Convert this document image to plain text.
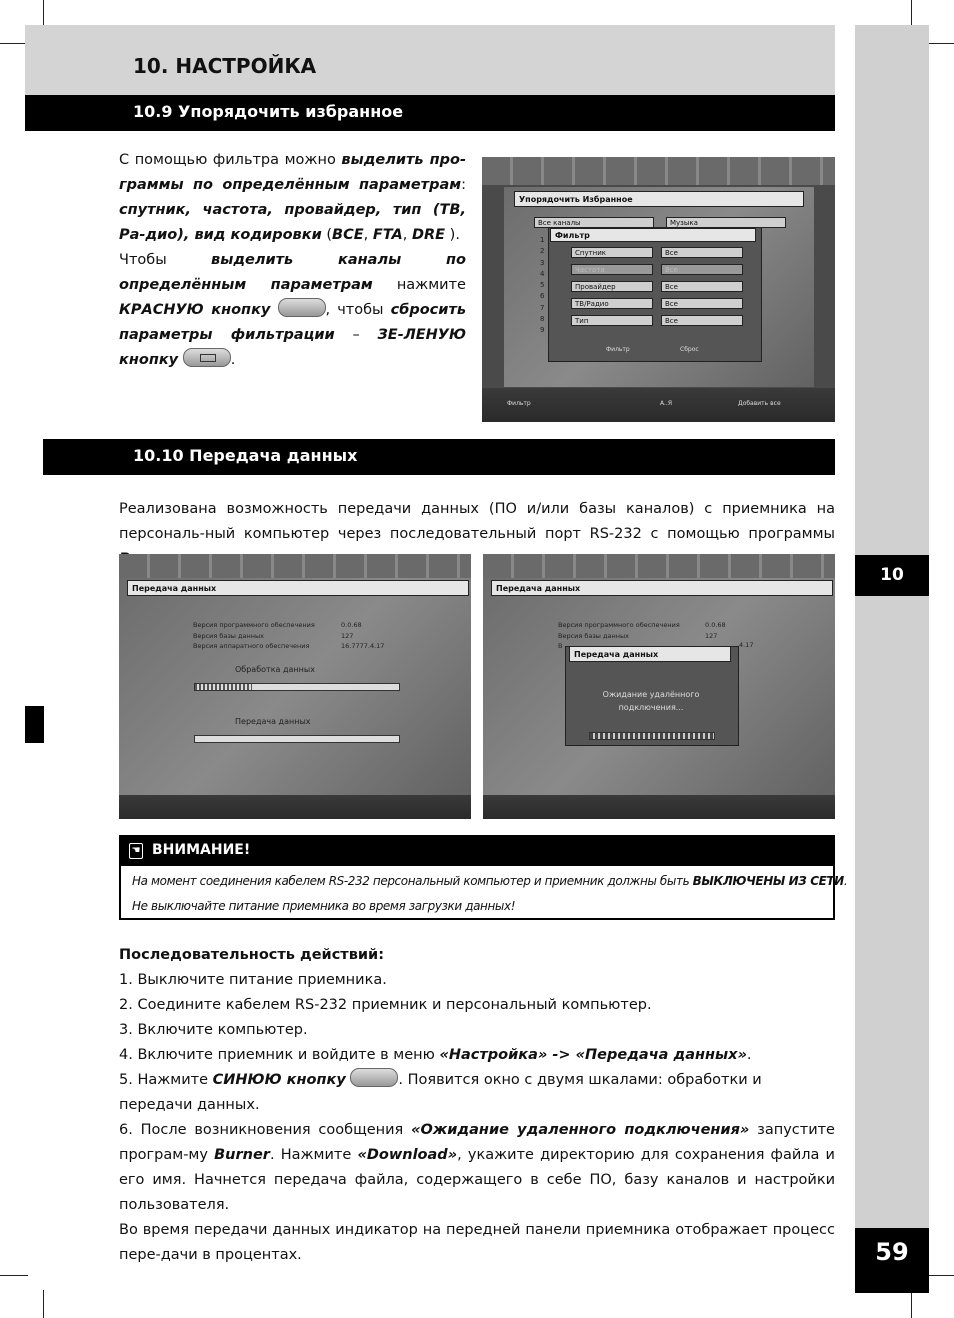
10. НАСТРОЙКА
10
59
10.9 Упорядочить избранное
С помощью фильтра можно выделить про-граммы по определённым параметрам: спутник, частота, провайдер, тип (ТВ, Ра-дио), вид кодировки (ВСЕ, FTA, DRE ).
Чтобы выделить каналы по определённым параметрам нажмите КРАСНУЮ кнопку	, чтобы сбросить параметры фильтрации – ЗЕ-ЛЕНУЮ кнопку	.
Упорядочить Избранное
Все каналы	Музыка
1
2
3
4
5
6
7
8
9
Фильтр
Спутник	Все
Частота	Все
Провайдер	Все
ТВ/Радио	Все
Тип	Все
Фильтр	Сброс
Фильтр	A..Я	Добавить все
10.10 Передача данных
Реализована возможность передачи данных (ПО и/или базы каналов) с приемника на персональ-ный компьютер через последовательный порт RS-232 с помощью программы
Передача данных
Версия программного обеспечения
Версия базы данных
Версия аппаратного обеспечения
0.0.68
127
16.7777.4.17
Обработка данных
Передача данных
Передача данных
Версия программного обеспечения
Версия базы данных
В
0.0.68
127
4.17
Передача данных
Ожидание удалённого
подключения...
☚ ВНИМАНИЕ!
На момент соединения кабелем RS-232 персональный компьютер и приемник должны быть ВЫКЛЮЧЕНЫ ИЗ СЕТИ.
Не выключайте питание приемника во время загрузки данных!
Последовательность действий:
1. Выключите питание приемника.
2. Соедините кабелем RS-232 приемник и персональный компьютер.
3. Включите компьютер.
4. Включите приемник и войдите в меню «Настройка» -> «Передача данных».
5. Нажмите СИНЮЮ кнопку	. Появится окно с двумя шкалами: обработки и передачи данных.
6. После возникновения сообщения «Ожидание удаленного подключения» запустите програм-му Burner. Нажмите «Download», укажите директорию для сохранения файла и его имя. Начнется передача файла, содержащего в себе ПО, базу каналов и настройки пользователя.
Во время передачи данных индикатор на передней панели приемника отображает процесс пере-дачи в процентах.
